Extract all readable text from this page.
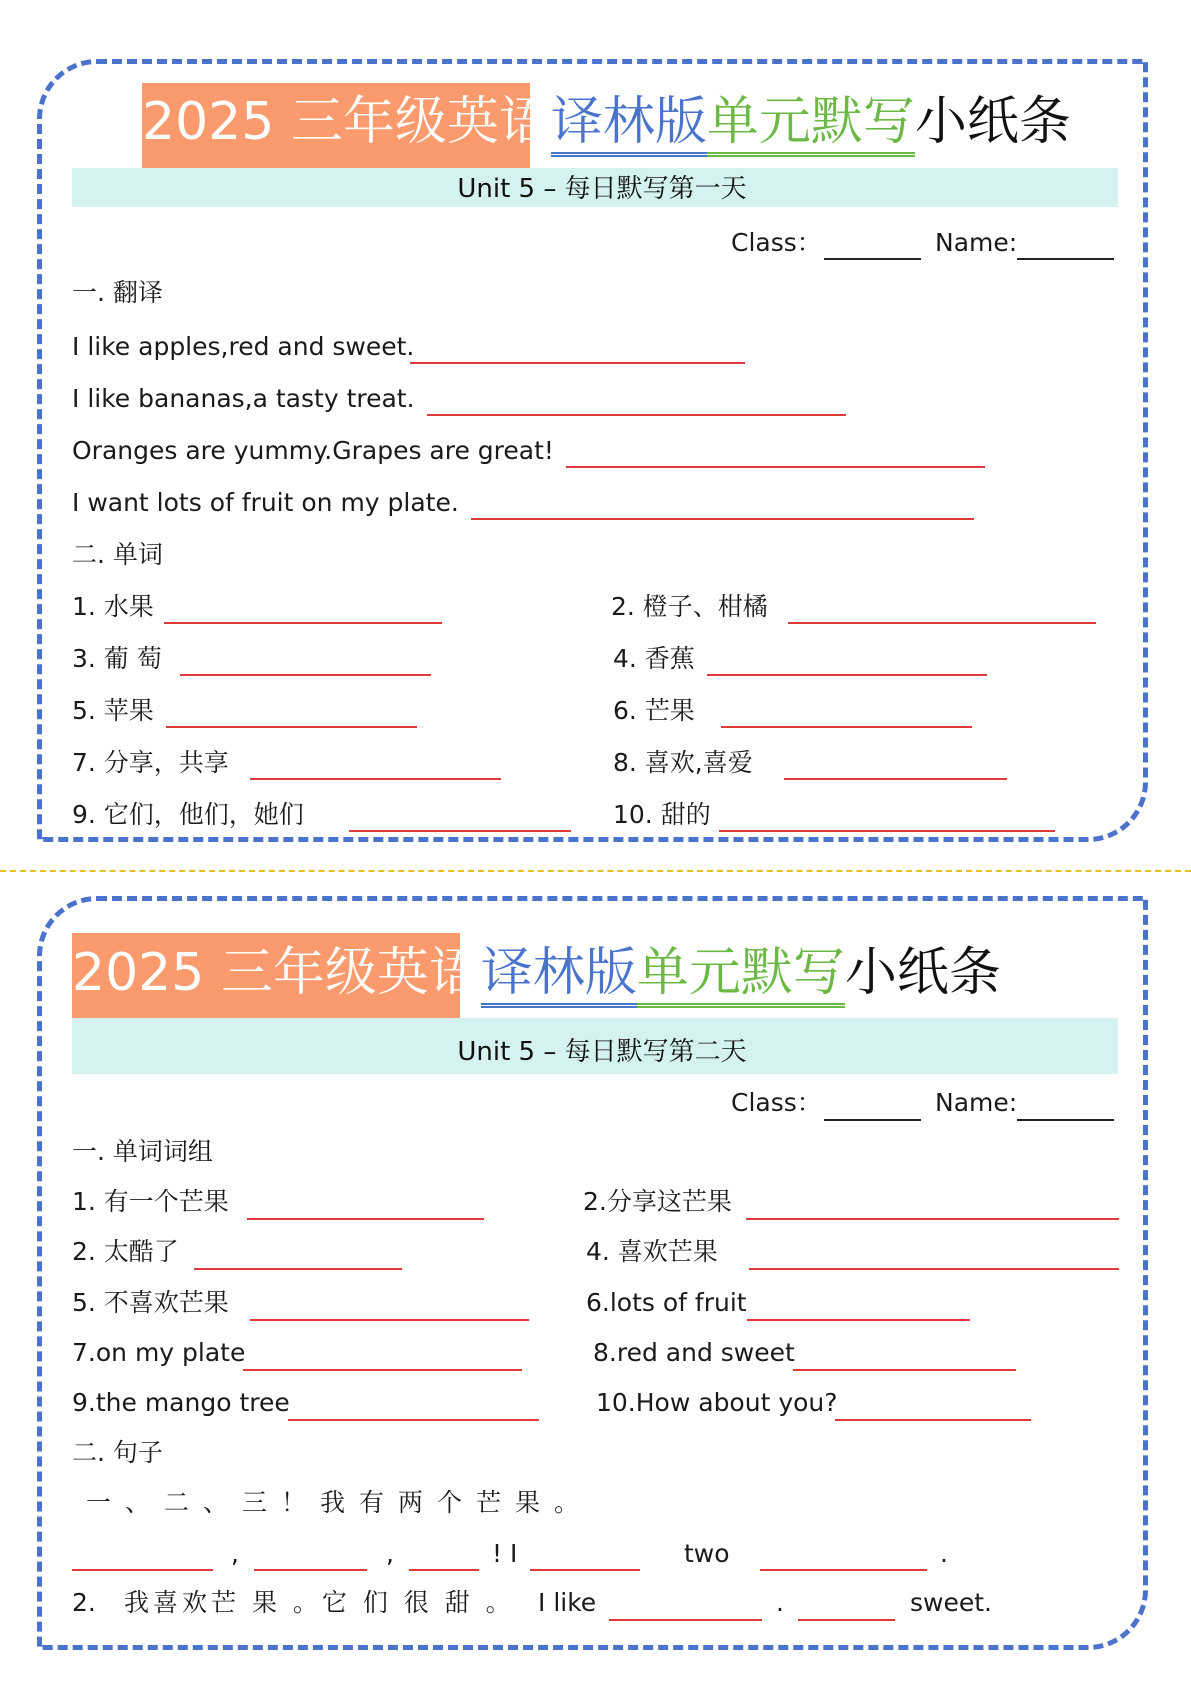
2025 三年级英语译林版单元默写小纸条
Unit 5 – 每日默写第一天
Class：	Name:
一. 翻译
I like apples,red and sweet.
I like bananas,a tasty treat.
Oranges are yummy.Grapes are great!
I want lots of fruit on my plate.
二. 单词
1. 水果	2. 橙子、柑橘
3. 葡 萄	4. 香蕉
5. 苹果	6. 芒果
7. 分享，共享	8. 喜欢,喜爱
9. 它们，他们，她们	10. 甜的
2025 三年级英语译林版单元默写小纸条
Unit 5 – 每日默写第二天
Class：	Name:
一. 单词词组
1. 有一个芒果	2.分享这芒果
2. 太酷了	4. 喜欢芒果
5. 不喜欢芒果	6.lots of fruit
7.on my plate	8.red and sweet
9.the mango tree	10.How about you?
二. 句子
一、二、三！我有两个芒果。
,	,	! I	two	.
2. 我喜欢芒 果 。它 们 很 甜 。 I like	.	sweet.
